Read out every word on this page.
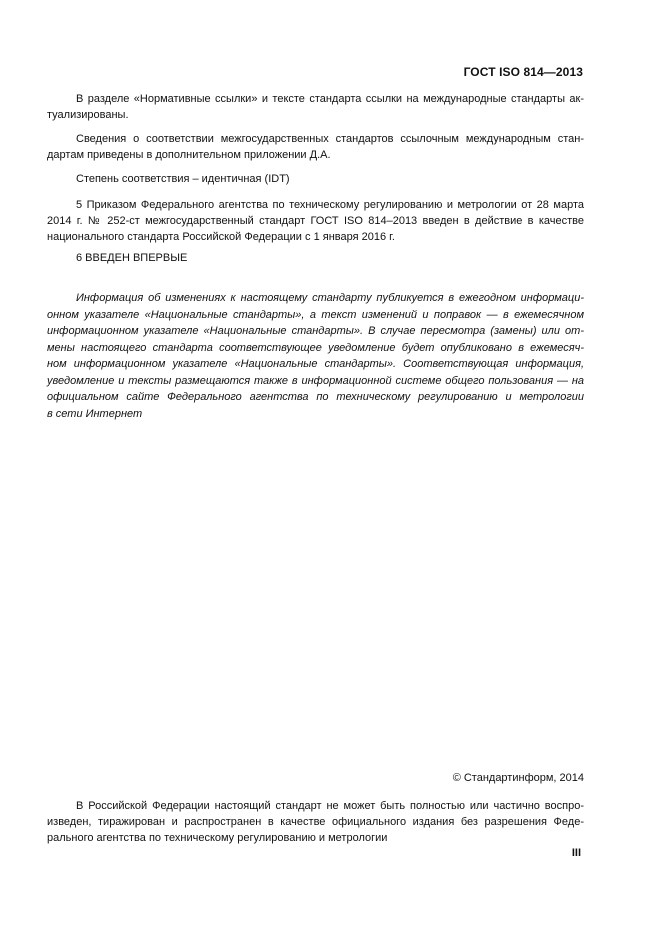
ГОСТ ISO 814—2013
В разделе «Нормативные ссылки» и тексте стандарта ссылки на международные стандарты ак-
туализированы.
Сведения о соответствии межгосударственных стандартов ссылочным международным стан-
дартам приведены в дополнительном приложении Д.А.
Степень соответствия – идентичная (IDT)
5 Приказом Федерального агентства по техническому регулированию и метрологии от 28 марта
2014 г. № 252-ст межгосударственный стандарт ГОСТ ISO 814–2013 введен в действие в качестве
национального стандарта Российской Федерации с 1 января 2016 г.
6 ВВЕДЕН ВПЕРВЫЕ
Информация об изменениях к настоящему стандарту публикуется в ежегодном информаци-
онном указателе «Национальные стандарты», а текст изменений и поправок — в ежемесячном
информационном указателе «Национальные стандарты». В случае пересмотра (замены) или от-
мены настоящего стандарта соответствующее уведомление будет опубликовано в ежемесяч-
ном информационном указателе «Национальные стандарты». Соответствующая информация,
уведомление и тексты размещаются также в информационной системе общего пользования — на
официальном сайте Федерального агентства по техническому регулированию и метрологии
в сети Интернет
© Стандартинформ, 2014
В Российской Федерации настоящий стандарт не может быть полностью или частично воспро-
изведен, тиражирован и распространен в качестве официального издания без разрешения Феде-
рального агентства по техническому регулированию и метрологии
III
